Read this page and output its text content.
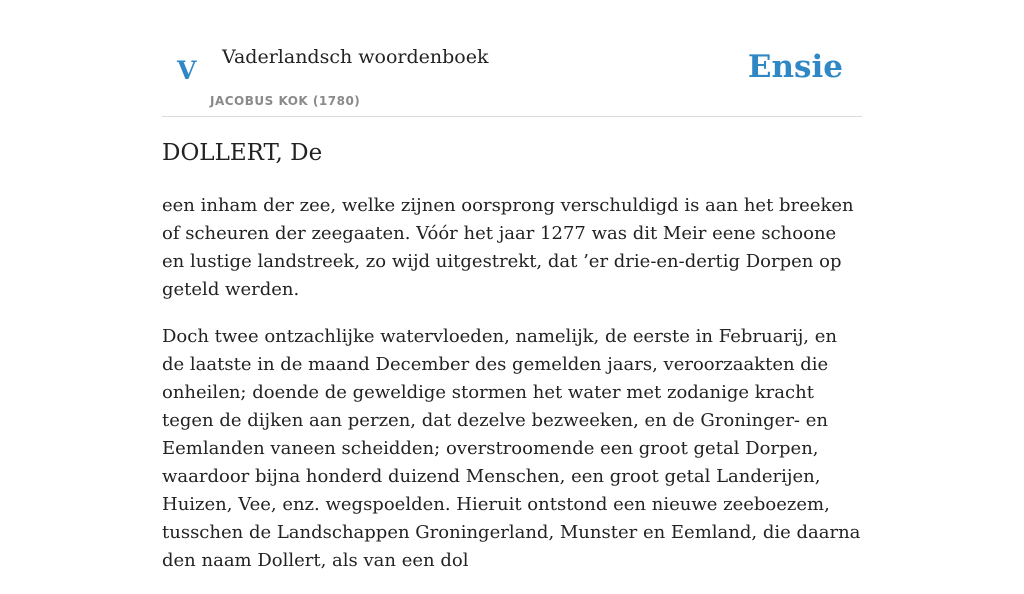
V Vaderlandsch woordenboek
JACOBUS KOK (1780)
Ensie
DOLLERT, De

een inham der zee, welke zijnen oorsprong verschuldigd is aan het breeken of scheuren der zeegaaten. Vóór het jaar 1277 was dit Meir eene schoone en lustige landstreek, zo wijd uitgestrekt, dat ’er drie-en-dertig Dorpen op geteld werden.

Doch twee ontzachlijke watervloeden, namelijk, de eerste in Februarij, en de laatste in de maand December des gemelden jaars, veroorzaakten die onheilen; doende de geweldige stormen het water met zodanige kracht tegen de dijken aan perzen, dat dezelve bezweeken, en de Groninger- en Eemlanden vaneen scheidden; overstroomende een groot getal Dorpen, waardoor bijna honderd duizend Menschen, een groot getal Landerijen, Huizen, Vee, enz. wegspoelden. Hieruit ontstond een nieuwe zeeboezem, tusschen de Landschappen Groningerland, Munster en Eemland, die daarna den naam Dollert, als van een dol
